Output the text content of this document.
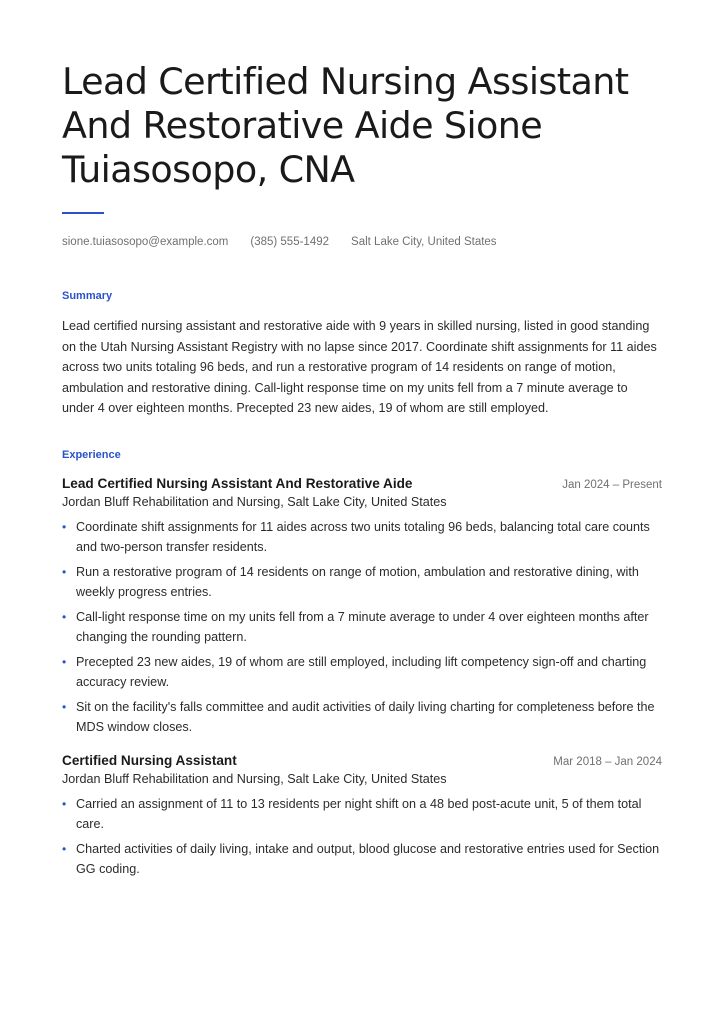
Lead Certified Nursing Assistant And Restorative Aide Sione Tuiasosopo, CNA
sione.tuiasosopo@example.com (385) 555-1492 Salt Lake City, United States
Summary

Lead certified nursing assistant and restorative aide with 9 years in skilled nursing, listed in good standing on the Utah Nursing Assistant Registry with no lapse since 2017. Coordinate shift assignments for 11 aides across two units totaling 96 beds, and run a restorative program of 14 residents on range of motion, ambulation and restorative dining. Call-light response time on my units fell from a 7 minute average to under 4 over eighteen months. Precepted 23 new aides, 19 of whom are still employed.

Experience
Lead Certified Nursing Assistant And Restorative Aide	Jan 2024 – Present
Jordan Bluff Rehabilitation and Nursing, Salt Lake City, United States
• Coordinate shift assignments for 11 aides across two units totaling 96 beds, balancing total care counts and two-person transfer residents.
• Run a restorative program of 14 residents on range of motion, ambulation and restorative dining, with weekly progress entries.
• Call-light response time on my units fell from a 7 minute average to under 4 over eighteen months after changing the rounding pattern.
• Precepted 23 new aides, 19 of whom are still employed, including lift competency sign-off and charting accuracy review.
• Sit on the facility's falls committee and audit activities of daily living charting for completeness before the MDS window closes.
Certified Nursing Assistant	Mar 2018 – Jan 2024
Jordan Bluff Rehabilitation and Nursing, Salt Lake City, United States
• Carried an assignment of 11 to 13 residents per night shift on a 48 bed post-acute unit, 5 of them total care.
• Charted activities of daily living, intake and output, blood glucose and restorative entries used for Section GG coding.
